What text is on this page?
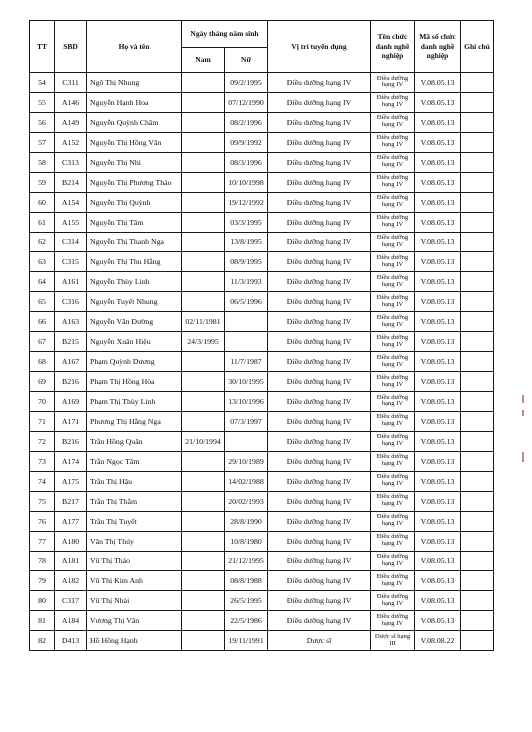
TT	SBD	Họ và tên	Ngày tháng năm sinh		Vị trí tuyển dụng	Tên chức danh nghề nghiệp	Mã số chức danh nghề nghiệp	Ghi chú
			Nam	Nữ				
54	C311	Ngô Thị Nhung		09/2/1995	Điều dưỡng hạng IV	Điều dưỡng hạng IV	V.08.05.13	
55	A146	Nguyễn Hạnh Hoa		07/12/1990	Điều dưỡng hạng IV	Điều dưỡng hạng IV	V.08.05.13	
56	A149	Nguyễn Quỳnh Châm		08/2/1996	Điều dưỡng hạng IV	Điều dưỡng hạng IV	V.08.05.13	
57	A152	Nguyễn Thị Hồng Vân		09/9/1992	Điều dưỡng hạng IV	Điều dưỡng hạng IV	V.08.05.13	
58	C313	Nguyễn Thị Nhi		08/3/1996	Điều dưỡng hạng IV	Điều dưỡng hạng IV	V.08.05.13	
59	B214	Nguyễn Thị Phương Thảo		10/10/1998	Điều dưỡng hạng IV	Điều dưỡng hạng IV	V.08.05.13	
60	A154	Nguyễn Thị Quỳnh		19/12/1992	Điều dưỡng hạng IV	Điều dưỡng hạng IV	V.08.05.13	
61	A155	Nguyễn Thị Tâm		03/3/1995	Điều dưỡng hạng IV	Điều dưỡng hạng IV	V.08.05.13	
62	C314	Nguyễn Thị Thanh Nga		13/8/1995	Điều dưỡng hạng IV	Điều dưỡng hạng IV	V.08.05.13	
63	C315	Nguyễn Thị Thu Hằng		08/9/1995	Điều dưỡng hạng IV	Điều dưỡng hạng IV	V.08.05.13	
64	A161	Nguyễn Thùy Linh		11/3/1993	Điều dưỡng hạng IV	Điều dưỡng hạng IV	V.08.05.13	
65	C316	Nguyễn Tuyết Nhung		06/5/1996	Điều dưỡng hạng IV	Điều dưỡng hạng IV	V.08.05.13	
66	A163	Nguyễn Văn Đường	02/11/1981		Điều dưỡng hạng IV	Điều dưỡng hạng IV	V.08.05.13	
67	B215	Nguyễn Xuân Hiệu	24/3/1995		Điều dưỡng hạng IV	Điều dưỡng hạng IV	V.08.05.13	
68	A167	Phạm Quỳnh Dương		11/7/1987	Điều dưỡng hạng IV	Điều dưỡng hạng IV	V.08.05.13	
69	B216	Phạm Thị Hồng Hòa		30/10/1995	Điều dưỡng hạng IV	Điều dưỡng hạng IV	V.08.05.13	
70	A169	Phạm Thị Thùy Linh		13/10/1996	Điều dưỡng hạng IV	Điều dưỡng hạng IV	V.08.05.13	
71	A171	Phương Thị Hằng Nga		07/3/1997	Điều dưỡng hạng IV	Điều dưỡng hạng IV	V.08.05.13	
72	B216	Trần Hồng Quân	21/10/1994		Điều dưỡng hạng IV	Điều dưỡng hạng IV	V.08.05.13	
73	A174	Trần Ngọc Tâm		29/10/1989	Điều dưỡng hạng IV	Điều dưỡng hạng IV	V.08.05.13	
74	A175	Trần Thị Hậu		14/02/1988	Điều dưỡng hạng IV	Điều dưỡng hạng IV	V.08.05.13	
75	B217	Trần Thị Thắm		20/02/1993	Điều dưỡng hạng IV	Điều dưỡng hạng IV	V.08.05.13	
76	A177	Trần Thị Tuyết		28/8/1990	Điều dưỡng hạng IV	Điều dưỡng hạng IV	V.08.05.13	
77	A180	Văn Thị Thúy		10/8/1980	Điều dưỡng hạng IV	Điều dưỡng hạng IV	V.08.05.13	
78	A181	Vũ Thị Thảo		21/12/1995	Điều dưỡng hạng IV	Điều dưỡng hạng IV	V.08.05.13	
79	A182	Vũ Thị Kim Anh		08/8/1988	Điều dưỡng hạng IV	Điều dưỡng hạng IV	V.08.05.13	
80	C317	Vũ Thị Nhài		26/5/1995	Điều dưỡng hạng IV	Điều dưỡng hạng IV	V.08.05.13	
81	A184	Vương Thị Vân		22/5/1986	Điều dưỡng hạng IV	Điều dưỡng hạng IV	V.08.05.13	
82	D413	Hồ Hồng Hạnh		19/11/1991	Dược sĩ	Dược sĩ hạng III	V.08.08.22	
